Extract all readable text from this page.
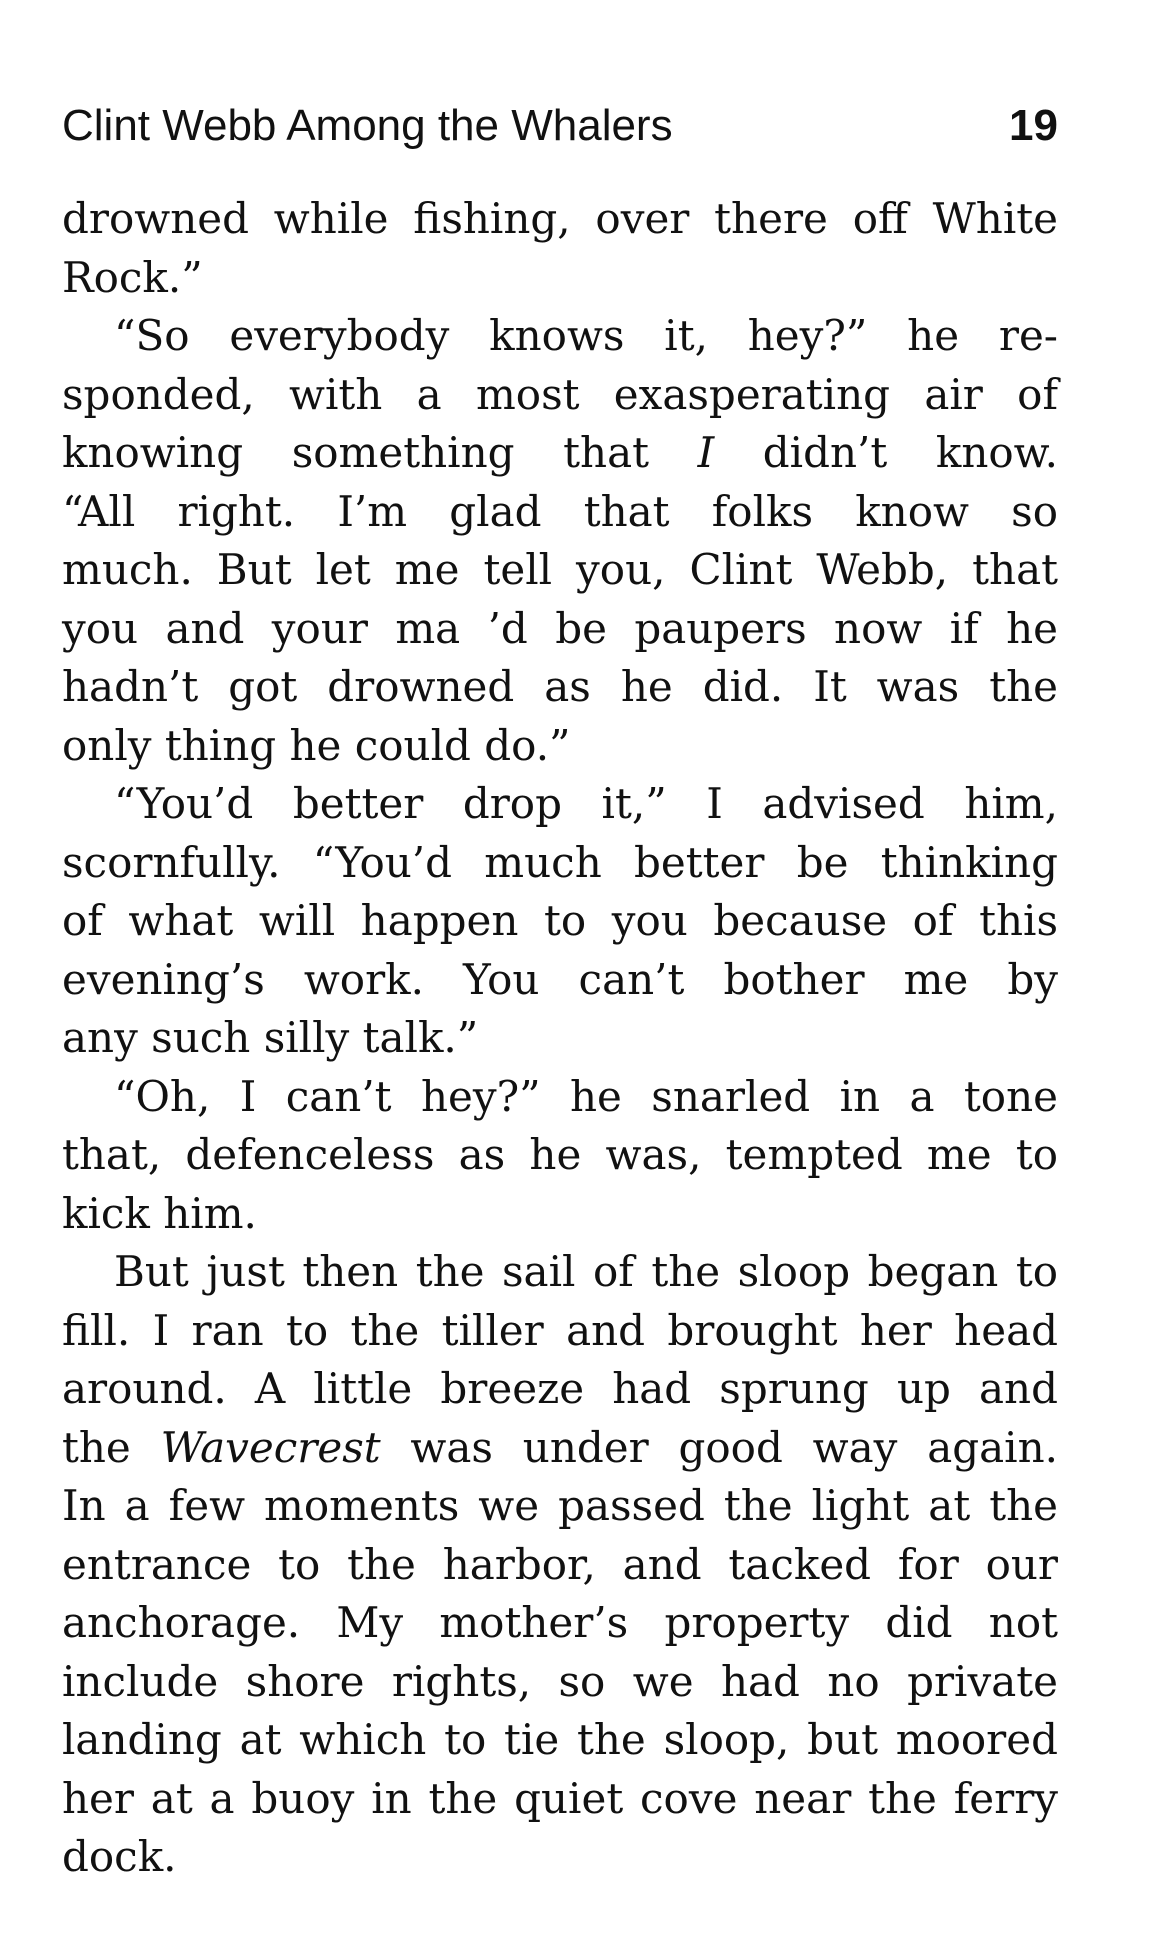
Clint Webb Among the Whalers	19
drowned while fishing, over there off White
Rock.”
“So everybody knows it, hey?” he re-
sponded, with a most exasperating air of
knowing something that I didn’t know.
“All right. I’m glad that folks know so
much. But let me tell you, Clint Webb, that
you and your ma ’d be paupers now if he
hadn’t got drowned as he did. It was the
only thing he could do.”
“You’d better drop it,” I advised him,
scornfully. “You’d much better be thinking
of what will happen to you because of this
evening’s work. You can’t bother me by
any such silly talk.”
“Oh, I can’t hey?” he snarled in a tone
that, defenceless as he was, tempted me to
kick him.
But just then the sail of the sloop began to
fill. I ran to the tiller and brought her head
around. A little breeze had sprung up and
the Wavecrest was under good way again.
In a few moments we passed the light at the
entrance to the harbor, and tacked for our
anchorage. My mother’s property did not
include shore rights, so we had no private
landing at which to tie the sloop, but moored
her at a buoy in the quiet cove near the ferry
dock.
